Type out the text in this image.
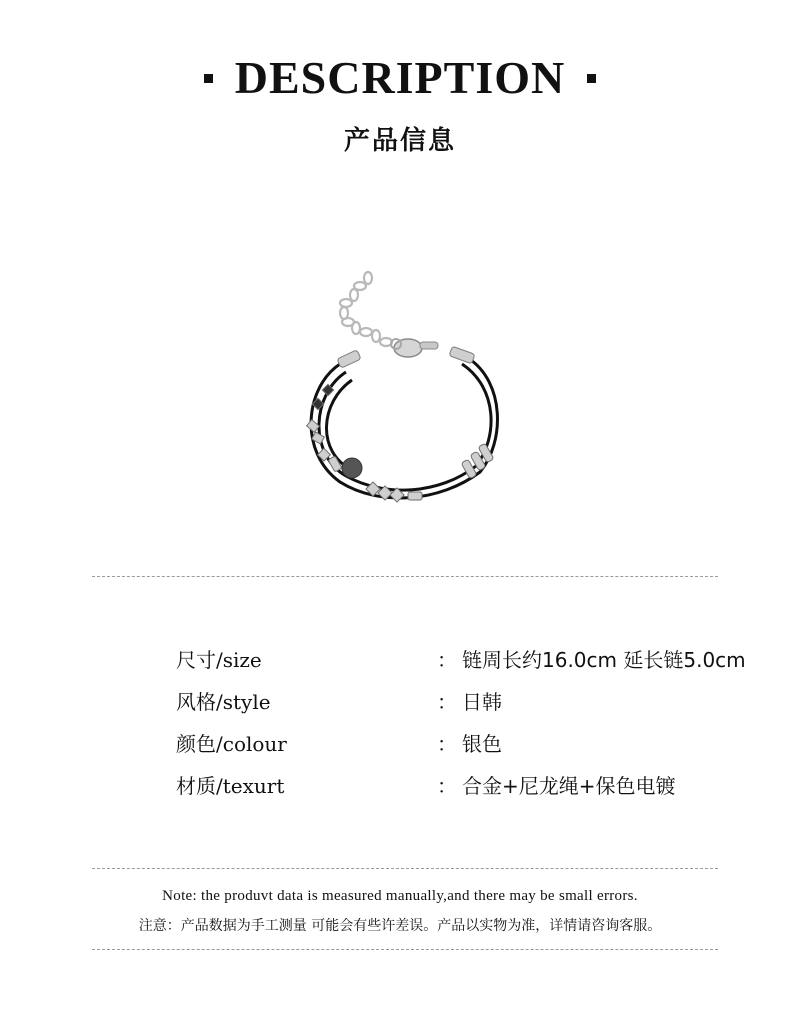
DESCRIPTION
产品信息
尺寸/size	： 链周长约16.0cm 延长链5.0cm
风格/style	： 日韩
颜色/colour	： 银色
材质/texurt	： 合金+尼龙绳+保色电镀
Note: the produvt data is measured manually,and there may be small errors.
注意：产品数据为手工测量 可能会有些许差误。产品以实物为准，详情请咨询客服。
